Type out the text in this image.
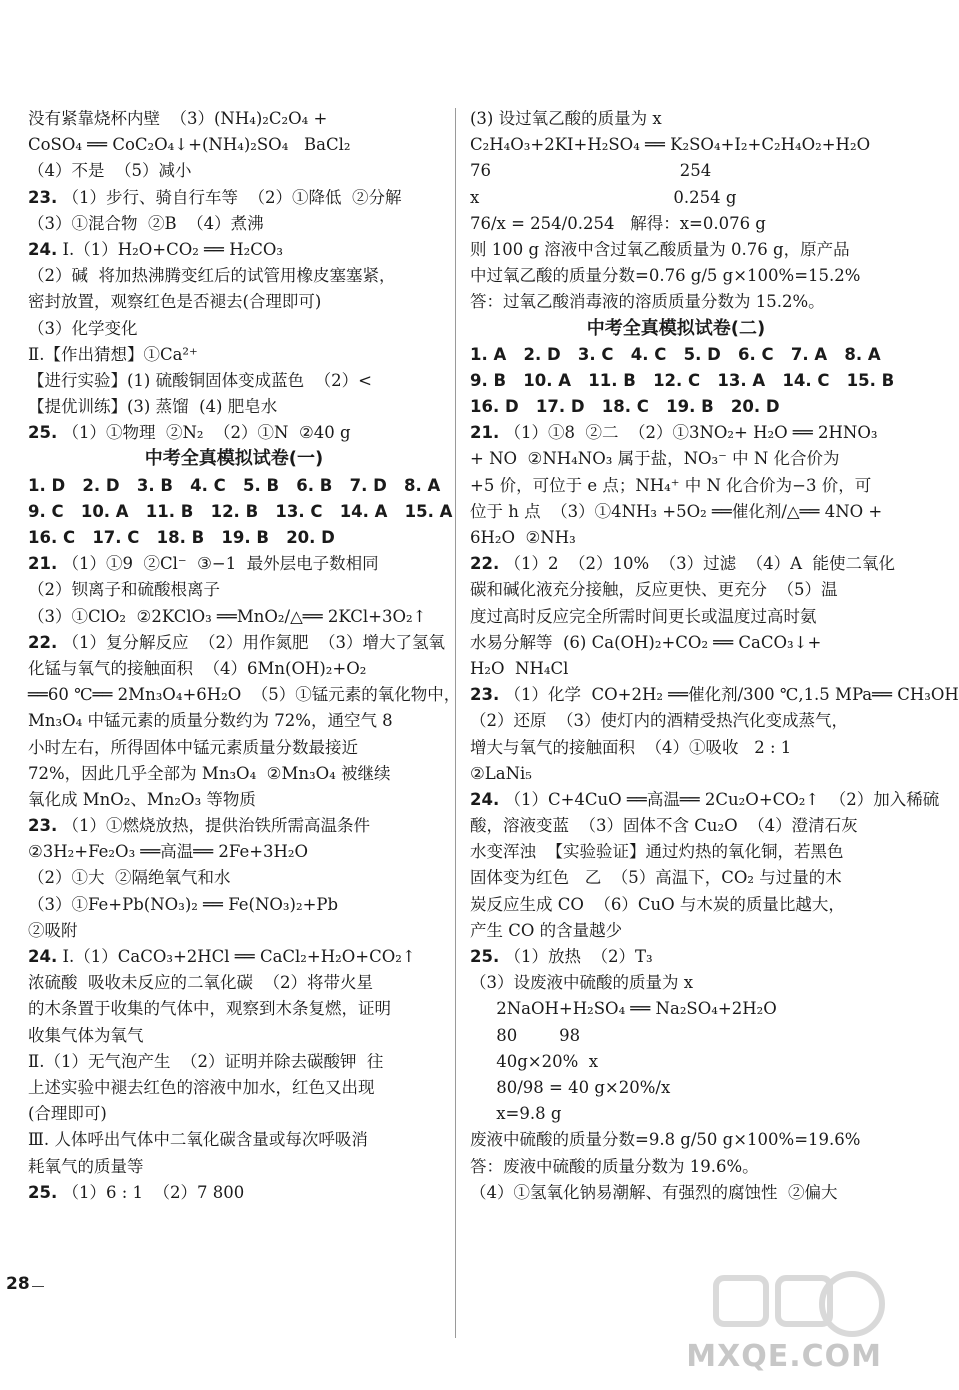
没有紧靠烧杯内壁  （3）(NH₄)₂C₂O₄ +
CoSO₄ ══ CoC₂O₄↓+(NH₄)₂SO₄   BaCl₂
（4）不是  （5）减小
23. （1）步行、骑自行车等  （2）①降低  ②分解
（3）①混合物  ②B  （4）煮沸
24. Ⅰ.（1）H₂O+CO₂ ══ H₂CO₃
（2）碱  将加热沸腾变红后的试管用橡皮塞塞紧，
密封放置，观察红色是否褪去(合理即可)
（3）化学变化
Ⅱ.【作出猜想】①Ca²⁺
【进行实验】(1) 硫酸铜固体变成蓝色  （2）<
【提优训练】(3) 蒸馏  (4) 肥皂水
25. （1）①物理  ②N₂  （2）①N  ②40 g
中考全真模拟试卷(一)
1. D   2. D   3. B   4. C   5. B   6. B   7. D   8. A
9. C   10. A   11. B   12. B   13. C   14. A   15. A
16. C   17. C   18. B   19. B   20. D
21. （1）①9  ②Cl⁻  ③−1  最外层电子数相同
（2）钡离子和硫酸根离子
（3）①ClO₂  ②2KClO₃ ══MnO₂/△══ 2KCl+3O₂↑
22. （1）复分解反应  （2）用作氮肥  （3）增大了氢氧
化锰与氧气的接触面积  （4）6Mn(OH)₂+O₂
══60 ℃══ 2Mn₃O₄+6H₂O  （5）①锰元素的氧化物中，
Mn₃O₄ 中锰元素的质量分数约为 72%，通空气 8
小时左右，所得固体中锰元素质量分数最接近
72%，因此几乎全部为 Mn₃O₄  ②Mn₃O₄ 被继续
氧化成 MnO₂、Mn₂O₃ 等物质
23. （1）①燃烧放热，提供治铁所需高温条件
②3H₂+Fe₂O₃ ══高温══ 2Fe+3H₂O
（2）①大  ②隔绝氧气和水
（3）①Fe+Pb(NO₃)₂ ══ Fe(NO₃)₂+Pb
②吸附
24. Ⅰ.（1）CaCO₃+2HCl ══ CaCl₂+H₂O+CO₂↑
浓硫酸  吸收未反应的二氧化碳  （2）将带火星
的木条置于收集的气体中，观察到木条复燃，证明
收集气体为氧气
Ⅱ.（1）无气泡产生  （2）证明并除去碳酸钾  往
上述实验中褪去红色的溶液中加水，红色又出现
(合理即可)
Ⅲ. 人体呼出气体中二氧化碳含量或每次呼吸消
耗氧气的质量等
25. （1）6 : 1  （2）7 800
(3) 设过氧乙酸的质量为 x
C₂H₄O₃+2KI+H₂SO₄ ══ K₂SO₄+I₂+C₂H₄O₂+H₂O
76                                    254
x                                     0.254 g
76/x = 254/0.254   解得：x=0.076 g
则 100 g 溶液中含过氧乙酸质量为 0.76 g，原产品
中过氧乙酸的质量分数=0.76 g/5 g×100%=15.2%
答：过氧乙酸消毒液的溶质质量分数为 15.2%。
中考全真模拟试卷(二)
1. A   2. D   3. C   4. C   5. D   6. C   7. A   8. A
9. B   10. A   11. B   12. C   13. A   14. C   15. B
16. D   17. D   18. C   19. B   20. D
21. （1）①8  ②二  （2）①3NO₂+ H₂O ══ 2HNO₃
+ NO  ②NH₄NO₃ 属于盐，NO₃⁻ 中 N 化合价为
+5 价，可位于 e 点；NH₄⁺ 中 N 化合价为−3 价，可
位于 h 点  （3）①4NH₃ +5O₂ ══催化剂/△══ 4NO +
6H₂O  ②NH₃
22. （1）2  （2）10%  （3）过滤  （4）A  能使二氧化
碳和碱化液充分接触，反应更快、更充分  （5）温
度过高时反应完全所需时间更长或温度过高时氨
水易分解等  (6) Ca(OH)₂+CO₂ ══ CaCO₃↓+
H₂O  NH₄Cl
23. （1）化学  CO+2H₂ ══催化剂/300 ℃,1.5 MPa══ CH₃OH
（2）还原  （3）使灯内的酒精受热汽化变成蒸气，
增大与氧气的接触面积  （4）①吸收   2 : 1
②LaNi₅
24. （1）C+4CuO ══高温══ 2Cu₂O+CO₂↑  （2）加入稀硫
酸，溶液变蓝  （3）固体不含 Cu₂O  （4）澄清石灰
水变浑浊  【实验验证】通过灼热的氧化铜，若黑色
固体变为红色   乙  （5）高温下，CO₂ 与过量的木
炭反应生成 CO  （6）CuO 与木炭的质量比越大，
产生 CO 的含量越少
25. （1）放热  （2）T₃
（3）设废液中硫酸的质量为 x
2NaOH+H₂SO₄ ══ Na₂SO₄+2H₂O
80        98
40g×20%  x
80/98 = 40 g×20%/x
x=9.8 g
废液中硫酸的质量分数=9.8 g/50 g×100%=19.6%
答：废液中硫酸的质量分数为 19.6%。
（4）①氢氧化钠易潮解、有强烈的腐蚀性  ②偏大
28
MXQE.COM
